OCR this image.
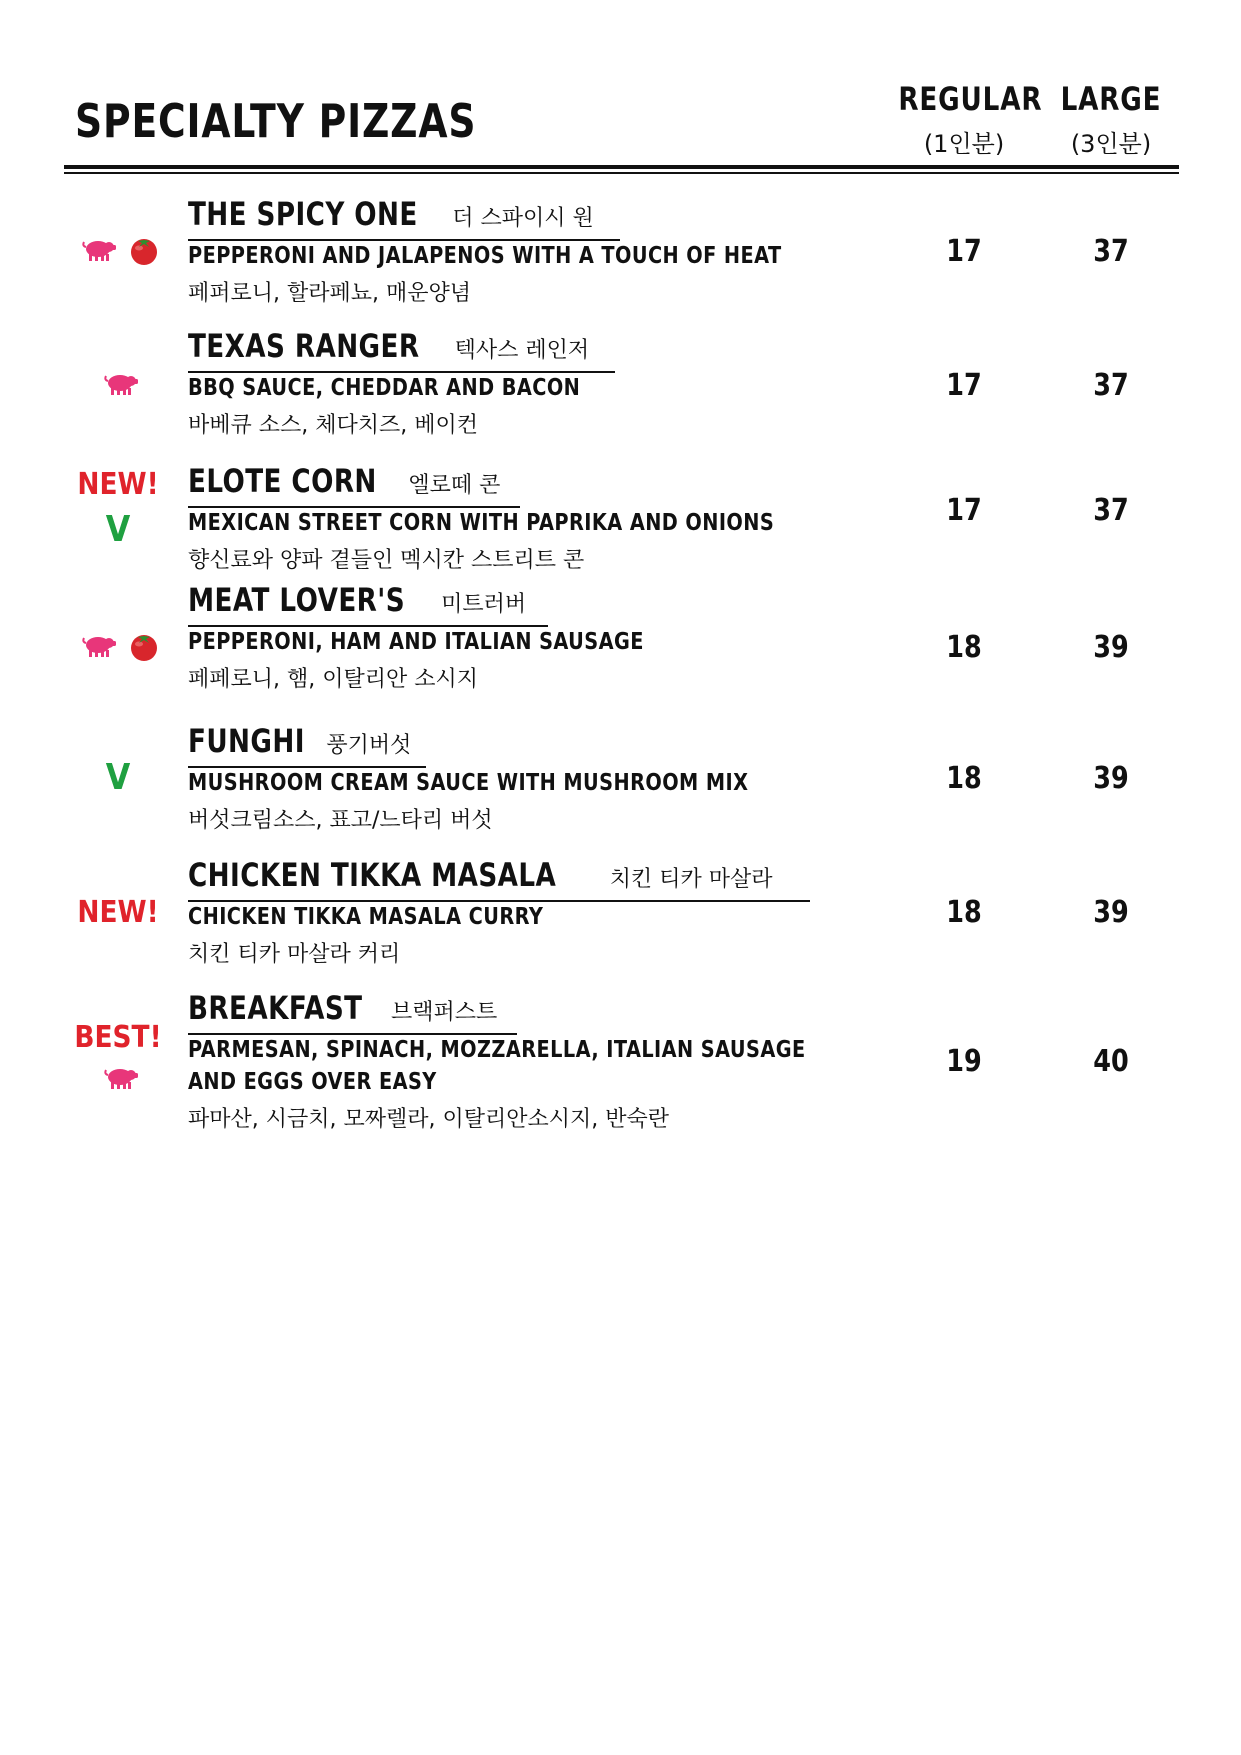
SPECIALTY PIZZAS	REGULAR
(1인분)
LARGE
(3인분)
THE SPICY ONE 더 스파이시 원
PEPPERONI AND JALAPENOS WITH A TOUCH OF HEAT
페퍼로니, 할라페뇨, 매운양념
17	37
TEXAS RANGER 텍사스 레인저
BBQ SAUCE, CHEDDAR AND BACON
바베큐 소스, 체다치즈, 베이컨
17	37
ELOTE CORN 엘로떼 콘
MEXICAN STREET CORN WITH PAPRIKA AND ONIONS
향신료와 양파 곁들인 멕시칸 스트리트 콘
17	37
NEW!
V
MEAT LOVER'S 미트러버
PEPPERONI, HAM AND ITALIAN SAUSAGE
페페로니, 햄, 이탈리안 소시지
18	39
FUNGHI 풍기버섯
MUSHROOM CREAM SAUCE WITH MUSHROOM MIX
버섯크림소스, 표고/느타리 버섯
18	39
V
CHICKEN TIKKA MASALA 치킨 티카 마살라
CHICKEN TIKKA MASALA CURRY
치킨 티카 마살라 커리
18	39
NEW!
BREAKFAST 브랙퍼스트
PARMESAN, SPINACH, MOZZARELLA, ITALIAN SAUSAGE AND EGGS OVER EASY
파마산, 시금치, 모짜렐라, 이탈리안소시지, 반숙란
19	40
BEST!
